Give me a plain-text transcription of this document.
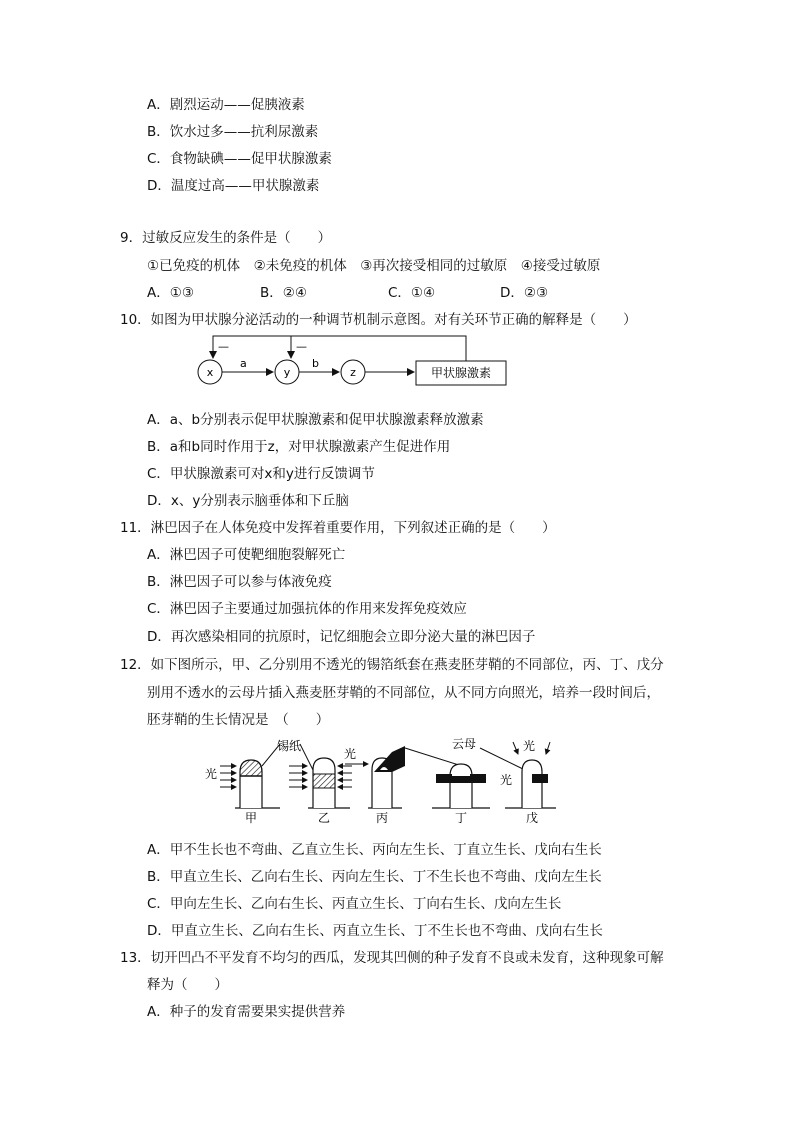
A．剧烈运动——促胰液素
B．饮水过多——抗利尿激素
C．食物缺碘——促甲状腺激素
D．温度过高——甲状腺激素
9．过敏反应发生的条件是（　　）
①已免疫的机体　②未免疫的机体　③再次接受相同的过敏原　④接受过敏原
A．①③	B．②④	C．①④	D．②③
10．如图为甲状腺分泌活动的一种调节机制示意图。对有关环节正确的解释是（　　）
—	—
x	y	z
a	b
甲状腺激素
A．a、b分别表示促甲状腺激素和促甲状腺激素释放激素
B．a和b同时作用于z，对甲状腺激素产生促进作用
C．甲状腺激素可对x和y进行反馈调节
D．x、y分别表示脑垂体和下丘脑
11．淋巴因子在人体免疫中发挥着重要作用，下列叙述正确的是（　　）
A．淋巴因子可使靶细胞裂解死亡
B．淋巴因子可以参与体液免疫
C．淋巴因子主要通过加强抗体的作用来发挥免疫效应
D．再次感染相同的抗原时，记忆细胞会立即分泌大量的淋巴因子
12．如下图所示，甲、乙分别用不透光的锡箔纸套在燕麦胚芽鞘的不同部位，丙、丁、戊分
别用不透水的云母片插入燕麦胚芽鞘的不同部位，从不同方向照光，培养一段时间后，
胚芽鞘的生长情况是　（　　）
光
甲
锡纸
乙
光
丙
云母
丁
光
光
戊
A．甲不生长也不弯曲、乙直立生长、丙向左生长、丁直立生长、戊向右生长
B．甲直立生长、乙向右生长、丙向左生长、丁不生长也不弯曲、戊向左生长
C．甲向左生长、乙向右生长、丙直立生长、丁向右生长、戊向左生长
D．甲直立生长、乙向右生长、丙直立生长、丁不生长也不弯曲、戊向右生长
13．切开凹凸不平发育不均匀的西瓜，发现其凹侧的种子发育不良或未发育，这种现象可解
释为（　　）
A．种子的发育需要果实提供营养
